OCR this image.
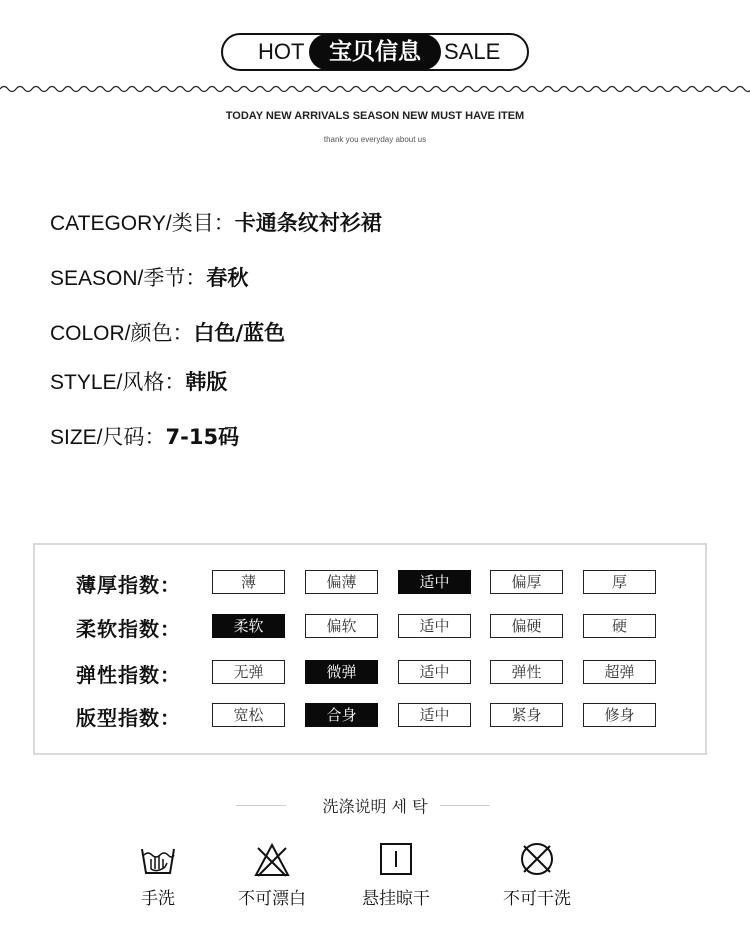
HOT	宝贝信息	SALE
TODAY NEW ARRIVALS SEASON NEW MUST HAVE ITEM
thank you everyday about us
CATEGORY/类目：卡通条纹衬衫裙
SEASON/季节：春秋
COLOR/颜色：白色/蓝色
STYLE/风格：韩版
SIZE/尺码：7-15码
薄厚指数：	薄	偏薄	适中	偏厚	厚
柔软指数：	柔软	偏软	适中	偏硬	硬
弹性指数：	无弹	微弹	适中	弹性	超弹
版型指数：	宽松	合身	适中	紧身	修身
洗涤说明 세 탁
手洗	不可漂白	悬挂晾干	不可干洗
